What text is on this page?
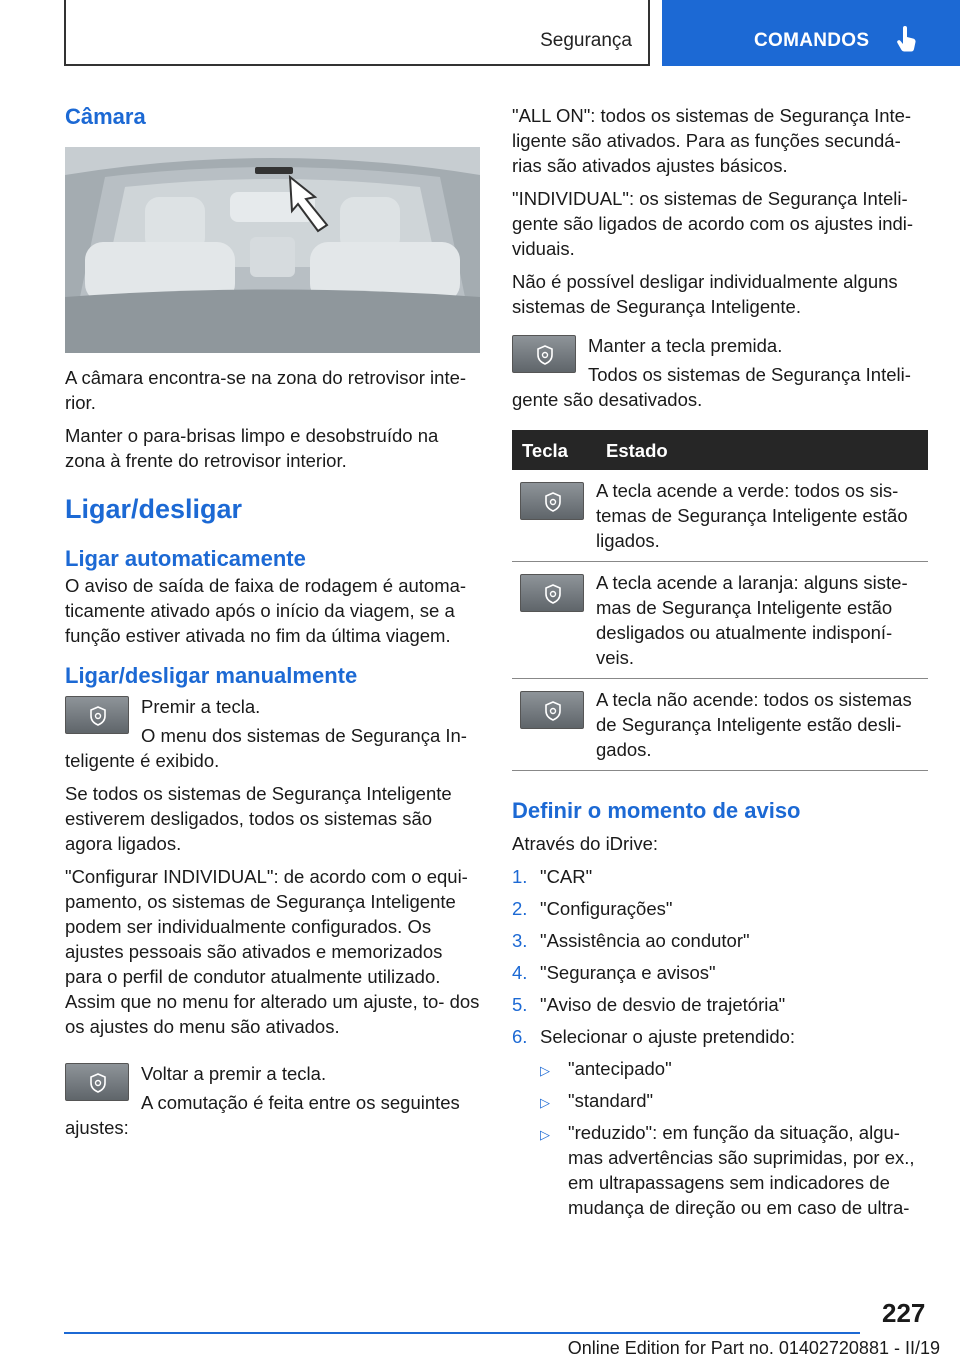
Segurança	COMANDOS
Câmara

A câmara encontra-se na zona do retrovisor inte- rior.

Manter o para-brisas limpo e desobstruído na zona à frente do retrovisor interior.

Ligar/desligar
Ligar automaticamente

O aviso de saída de faixa de rodagem é automa- ticamente ativado após o início da viagem, se a função estiver ativada no fim da última viagem.

Ligar/desligar manualmente

Premir a tecla.

O menu dos sistemas de Segurança In- teligente é exibido.

Se todos os sistemas de Segurança Inteligente estiverem desligados, todos os sistemas são agora ligados.

"Configurar INDIVIDUAL": de acordo com o equi- pamento, os sistemas de Segurança Inteligente podem ser individualmente configurados. Os ajustes pessoais são ativados e memorizados para o perfil de condutor atualmente utilizado. Assim que no menu for alterado um ajuste, to- dos os ajustes do menu são ativados.

Voltar a premir a tecla.

A comutação é feita entre os seguintes ajustes:

"ALL ON": todos os sistemas de Segurança Inte- ligente são ativados. Para as funções secundá- rias são ativados ajustes básicos.

"INDIVIDUAL": os sistemas de Segurança Inteli- gente são ligados de acordo com os ajustes indi- viduais.

Não é possível desligar individualmente alguns sistemas de Segurança Inteligente.

Manter a tecla premida.

Todos os sistemas de Segurança Inteli- gente são desativados.

Tecla	Estado

	A tecla acende a verde: todos os sis- temas de Segurança Inteligente estão ligados.

	A tecla acende a laranja: alguns siste- mas de Segurança Inteligente estão desligados ou atualmente indisponí- veis.

	A tecla não acende: todos os sistemas de Segurança Inteligente estão desli- gados.
Definir o momento de aviso

Através do iDrive:

1. "CAR"
2. "Configurações"
3. "Assistência ao condutor"
4. "Segurança e avisos"
5. "Aviso de desvio de trajetória"
6. Selecionar o ajuste pretendido:
▷ "antecipado"
▷ "standard"
▷ "reduzido": em função da situação, algu- mas advertências são suprimidas, por ex., em ultrapassagens sem indicadores de mudança de direção ou em caso de ultra-
227
Online Edition for Part no. 01402720881 - II/19
